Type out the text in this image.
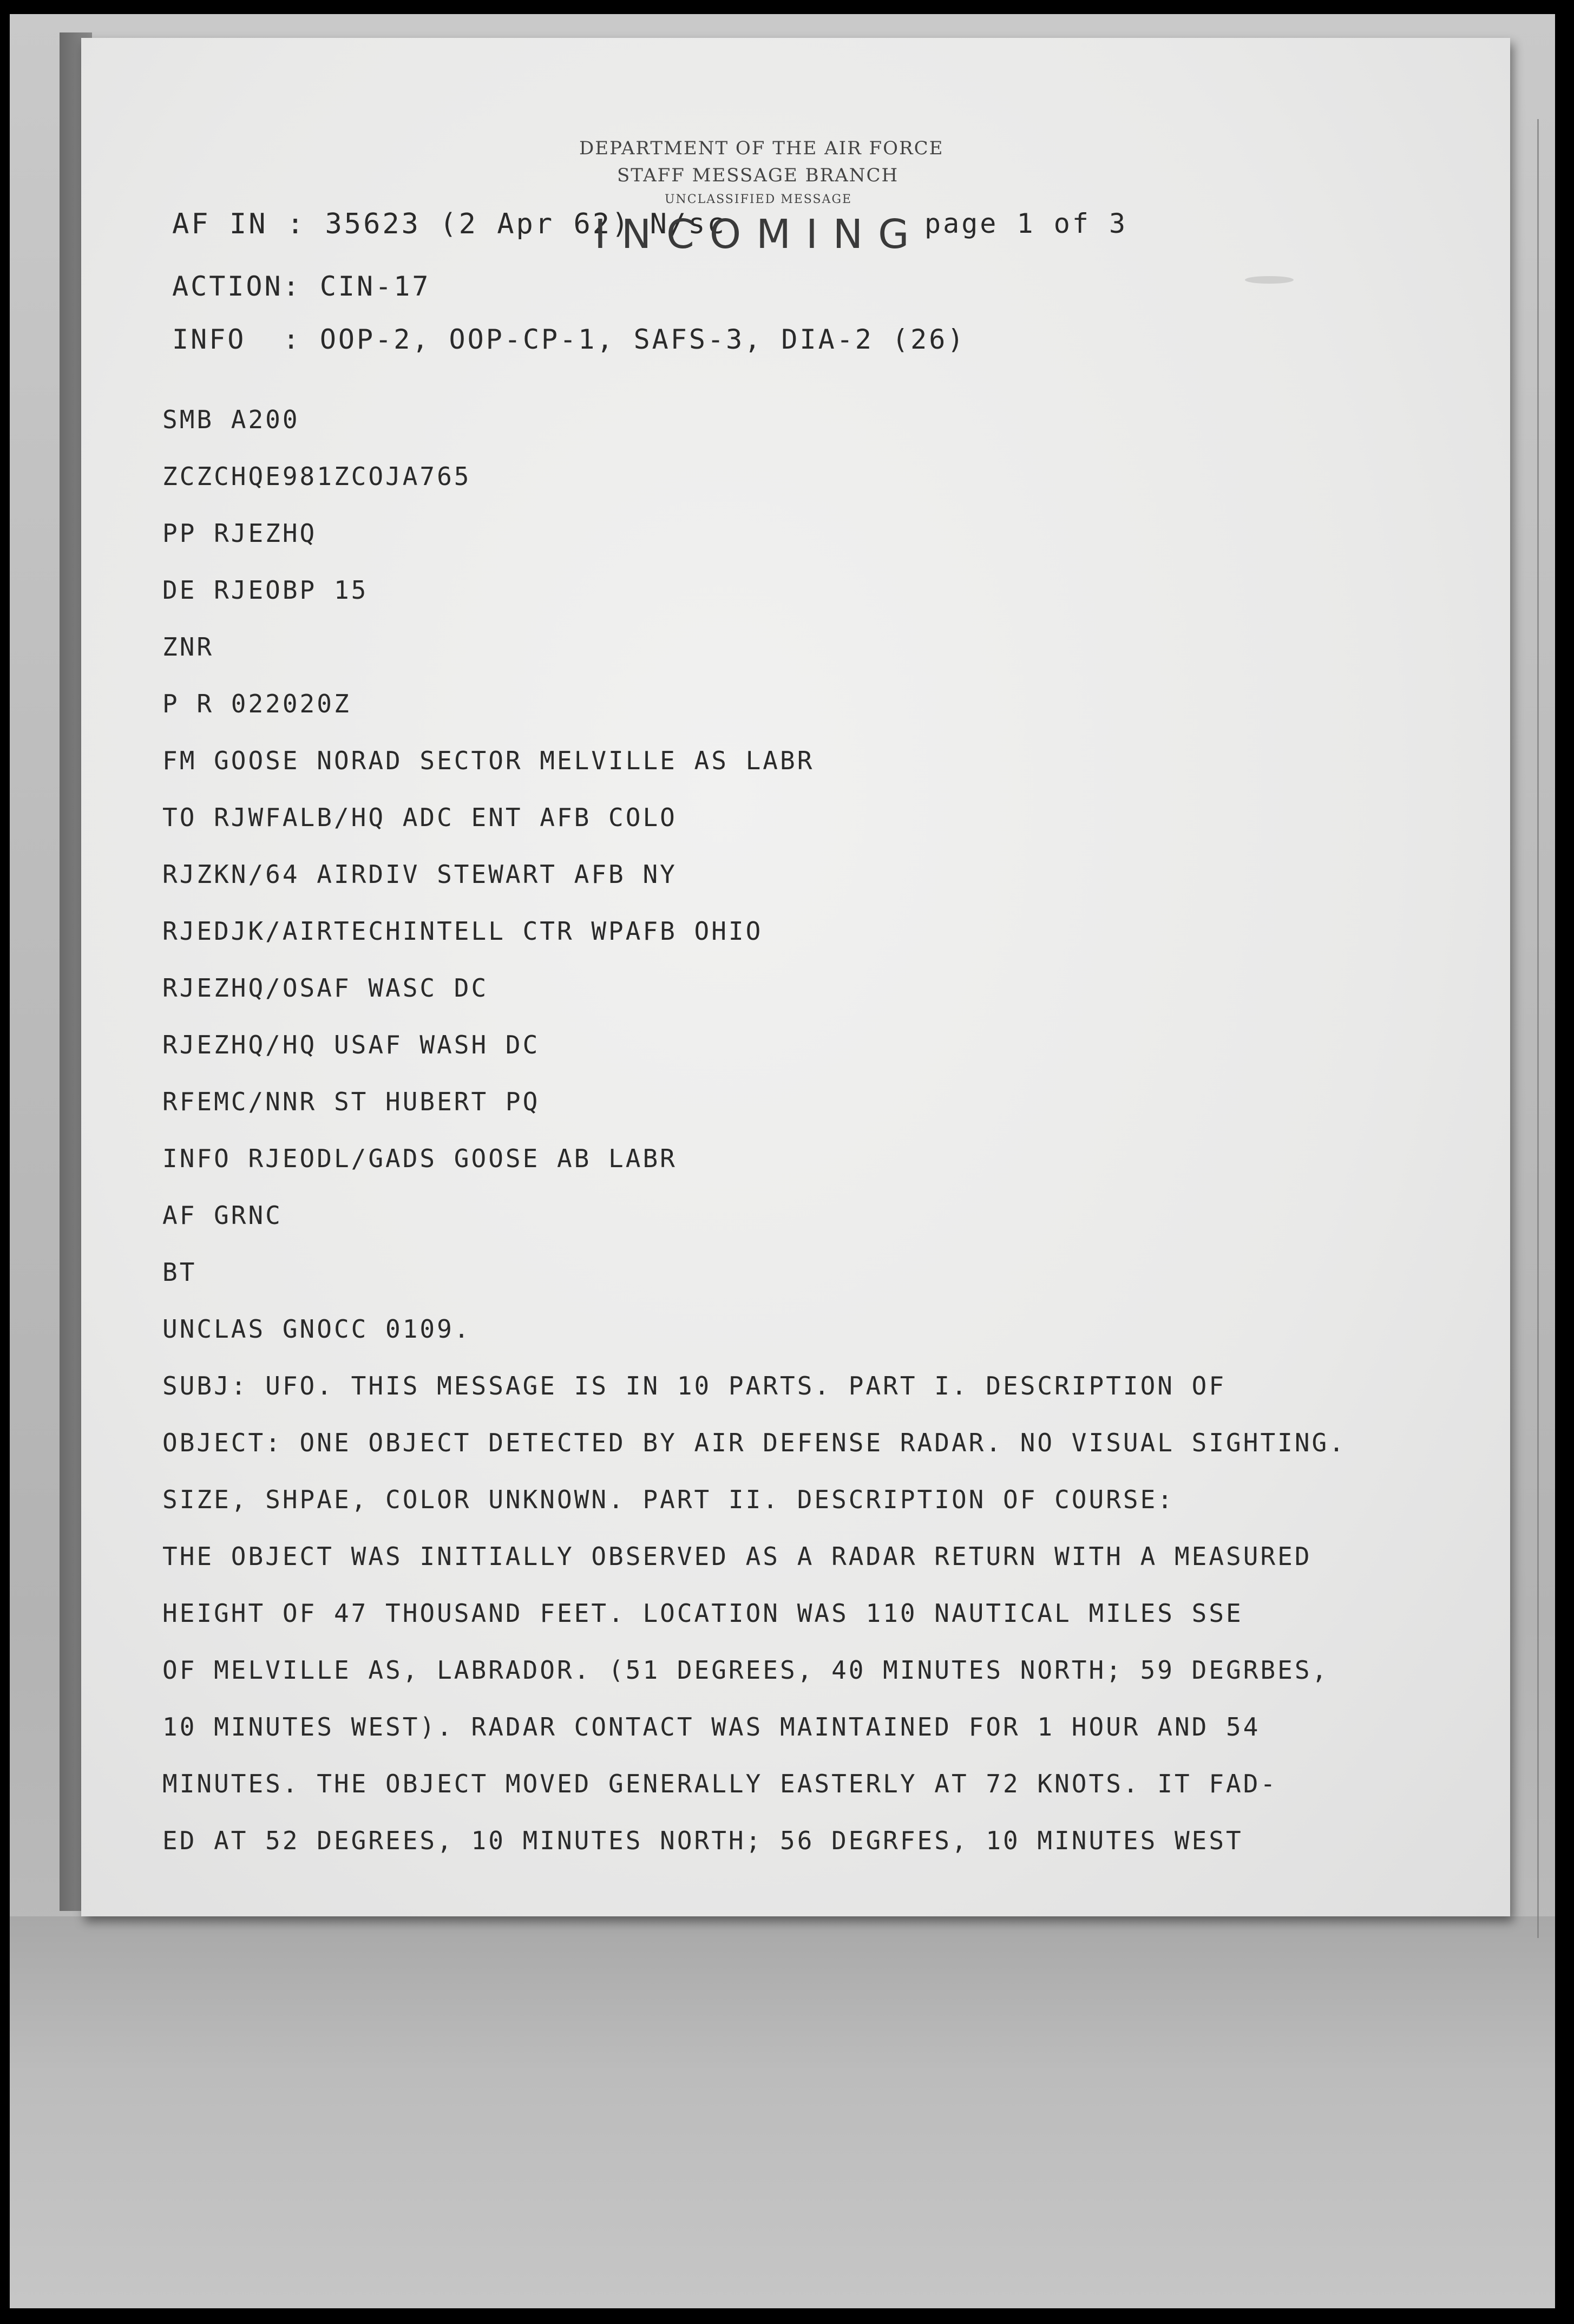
DEPARTMENT OF THE AIR FORCE
STAFF MESSAGE BRANCH
UNCLASSIFIED MESSAGE
AF IN : 35623 (2 Apr 62) N/sc
INCOMING page 1 of 3
ACTION: CIN-17
INFO  : OOP-2, OOP-CP-1, SAFS-3, DIA-2 (26)
SMB A200
ZCZCHQE981ZCOJA765
PP RJEZHQ
DE RJEOBP 15
ZNR
P R 022020Z
FM GOOSE NORAD SECTOR MELVILLE AS LABR
TO RJWFALB/HQ ADC ENT AFB COLO
RJZKN/64 AIRDIV STEWART AFB NY
RJEDJK/AIRTECHINTELL CTR WPAFB OHIO
RJEZHQ/OSAF WASC DC
RJEZHQ/HQ USAF WASH DC
RFEMC/NNR ST HUBERT PQ
INFO RJEODL/GADS GOOSE AB LABR
AF GRNC
BT
UNCLAS GNOCC 0109.
SUBJ: UFO. THIS MESSAGE IS IN 10 PARTS. PART I. DESCRIPTION OF
OBJECT: ONE OBJECT DETECTED BY AIR DEFENSE RADAR. NO VISUAL SIGHTING.
SIZE, SHPAE, COLOR UNKNOWN. PART II. DESCRIPTION OF COURSE:
THE OBJECT WAS INITIALLY OBSERVED AS A RADAR RETURN WITH A MEASURED
HEIGHT OF 47 THOUSAND FEET. LOCATION WAS 110 NAUTICAL MILES SSE
OF MELVILLE AS, LABRADOR. (51 DEGREES, 40 MINUTES NORTH; 59 DEGRBES,
10 MINUTES WEST). RADAR CONTACT WAS MAINTAINED FOR 1 HOUR AND 54
MINUTES. THE OBJECT MOVED GENERALLY EASTERLY AT 72 KNOTS. IT FAD-
ED AT 52 DEGREES, 10 MINUTES NORTH; 56 DEGRFES, 10 MINUTES WEST
